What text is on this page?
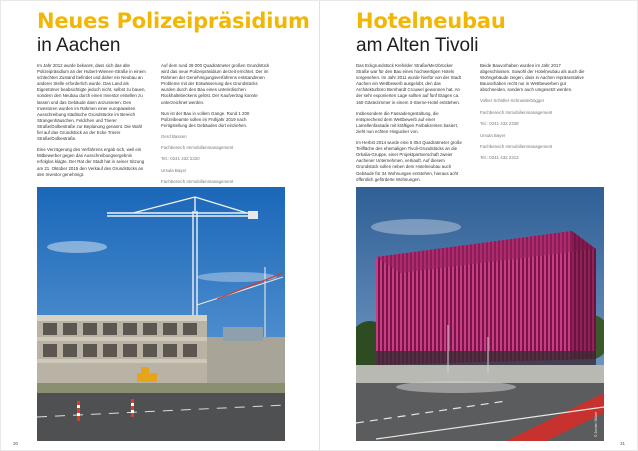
Neues Polizeipräsidium
in Aachen

Im Jahr 2012 wurde bekannt, dass sich das alte Polizeipräsidium an der Hubert-Wienen-Straße in einem schlechten Zustand befindet und daher ein Neubau an anderer Stelle erforderlich wurde. Das Land als Eigentümer beabsichtigte jedoch nicht, selbst zu bauen, sondern den Neubau durch einen Investor erstellen zu lassen und das Gebäude dann anzumieten. Den Investoren wurden im Rahmen einer europaweiten Ausschreibung städtische Grundstücke im Bereich Strangenhäuschen, Feldchen und Trierer Straße/Dolbestraße zur Beplanung genannt. Die Wahl fiel auf das Grundstück an der Ecke Trierer Straße/Dolbestraße.

Eine Verzögerung des Verfahrens ergab sich, weil ein Mitbewerber gegen das Ausschreibungsergebnis erfolglos klagte. Der Rat der Stadt hat in seiner Sitzung am 21. Oktober 2015 den Verkauf des Grundstücks an den Investor genehmigt.

Auf dem rund 28 000 Quadratmeter großen Grundstück wird das neue Polizeipräsidium derzeit errichtet. Der im Rahmen der Genehmigungsverfahrens entstandenen Probleme mit der Entwässerung des Grundstücks wurden durch den Bau eines unterirdischen Rückhaltebeckens gelöst. Der Kaufvertrag konnte unterzeichnet werden.

Nun ist der Bau in vollem Gange. Rund 1 200 Polizeibeamte sollen im Frühjahr 2019 nach Fertigstellung des Gebäudes dort einziehen.

Gerd Bassen

Fachbereich Immobilienmanagement

Tel.: 0241 432 2320

Ursula Bayer

Fachbereich Immobilienmanagement

30
Hotelneubau
am Alten Tivoli

Das Eckgrundstück Krefelder Straße/Merzbrücker Straße war für den Bau eines hochwertigen Hotels vorgesehen. Im Jahr 2011 wurde hierfür von der Stadt Aachen ein Wettbewerb ausgelobt, den das Architekturbüro Bernhardt Crouwel gewonnen hat. An der sehr exponierten Lage sollten auf fünf Etagen ca. 160 Gästezimmer in einem 3-Sterne-Hotel entstehen.

Insbesondere die Fassadengestaltung, die entsprechend dem Wettbewerb auf einer Lamellenfassade mit kräftigen Farbakzenten basiert, zieht nun echten Hingucker von.

Im Herbst 2014 wurde eine 5 054 Quadratmeter große Teilfläche des ehemaligen Tivoli-Grundstücks an die Orkalia-Gruppe, einer Projektpartnerschaft zweier Aachener Unternehmen, verkauft. Auf diesem Grundstück sollen neben dem Hotelneubau auch Gebäude für 34 Wohnungen entstehen, hieraus acht öffentlich geförderte Wohnungen.

Beide Bauvorhaben wurden im Jahr 2017 abgeschlossen. Sowohl der Hotelneubau als auch die Wohngebäude zeigen, dass in Aachen repräsentative Bauvorhaben recht nur in Wettbewerben gut abschneiden, sondern auch umgesetzt werden.

Volker Schüller-Schneiderbögger

Fachbereich Immobilienmanagement

Tel.: 0241 432 2328

Ursula Bayer

Fachbereich Immobilienmanagement

Tel.: 0241 432 2313

© Jochen Stüber
31
